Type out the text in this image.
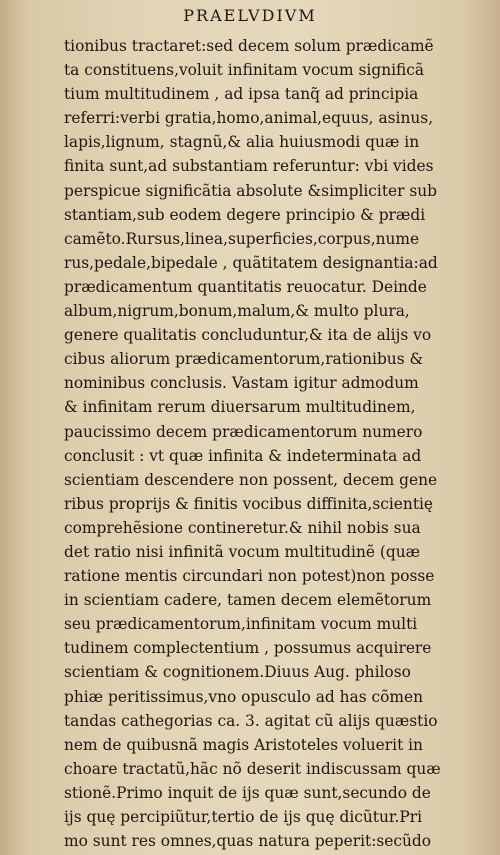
PRAELVDIVM
tionibus tractaret:sed decem solum prædicamẽ
ta constituens,voluit infinitam vocum significã
tium multitudinem , ad ipsa tanq̃ ad principia
referri:verbi gratia,homo,animal,equus, asinus,
lapis,lignum, stagnũ,& alia huiusmodi quæ in
finita sunt,ad substantiam referuntur: vbi vides
perspicue significãtia absolute &simpliciter sub
stantiam,sub eodem degere principio & prædi
camẽto.Rursus,linea,superficies,corpus,nume
rus,pedale,bipedale , quãtitatem designantia:ad
prædicamentum quantitatis reuocatur. Deinde
album,nigrum,bonum,malum,& multo plura,
genere qualitatis concluduntur,& ita de alijs vo
cibus aliorum prædicamentorum,rationibus &
nominibus conclusis. Vastam igitur admodum
& infinitam rerum diuersarum multitudinem,
paucissimo decem prædicamentorum numero
conclusit : vt quæ infinita & indeterminata ad
scientiam descendere non possent, decem gene
ribus proprijs & finitis vocibus diffinita,scientię
comprehẽsione contineretur.& nihil nobis sua
det ratio nisi infinitã vocum multitudinẽ (quæ
ratione mentis circundari non potest)non posse
in scientiam cadere, tamen decem elemẽtorum
seu prædicamentorum,infinitam vocum multi
tudinem complectentium , possumus acquirere
scientiam & cognitionem.Diuus Aug. philoso
phiæ peritissimus,vno opusculo ad has cõmen
tandas cathegorias ca. 3. agitat cũ alijs quæstio
nem de quibusnã magis Aristoteles voluerit in
choare tractatũ,hãc nõ deserit indiscussam quæ
stionẽ.Primo inquit de ijs quæ sunt,secundo de
ijs quę percipiũtur,tertio de ijs quę dicũtur.Pri
mo sunt res omnes,quas natura peperit:secũdo
